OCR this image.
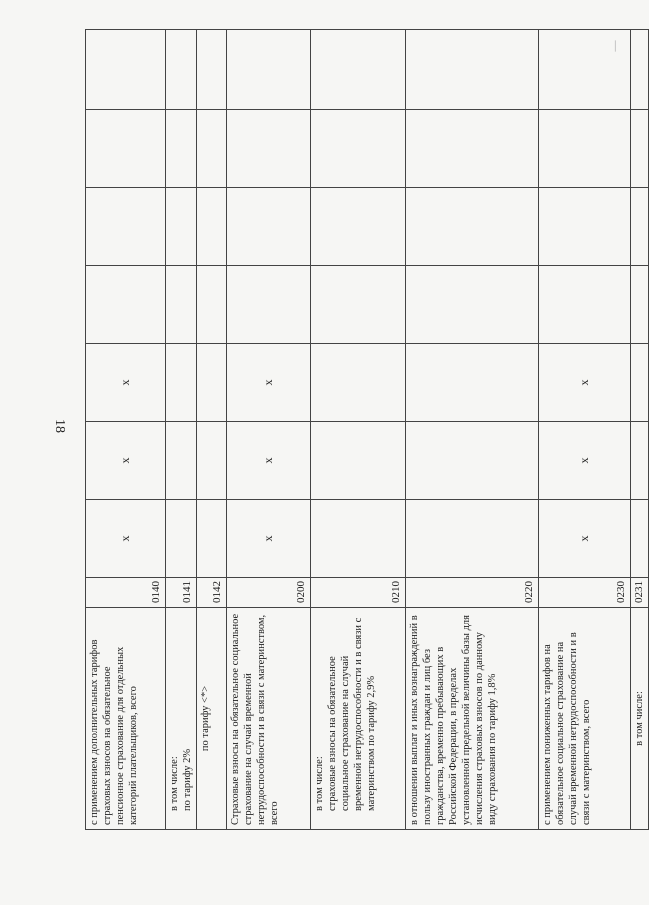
18
—
с применением дополнительных тарифов страховых взносов на обязательное пенсионное страхование для отдельных категорий плательщиков, всего	0140	x	x	x				
в том числе:
по тарифу 2%	0141							
по тарифу <*>	0142							
Страховые взносы на обязательное социальное страхование на случай временной нетрудоспособности и в связи с материнством, всего	0200	x	x	x				
в том числе:
страховые взносы на обязательное социальное страхование на случай временной нетрудоспособности и в связи с материнством по тарифу 2,9%	0210							
в отношении выплат и иных вознаграждений в пользу иностранных граждан и лиц без гражданства, временно пребывающих в Российской Федерации, в пределах установленной предельной величины базы для исчисления страховых взносов по данному виду страхования по тарифу 1,8%	0220							
с применением пониженных тарифов на обязательное социальное страхование на случай временной нетрудоспособности и в связи с материнством, всего	0230	x	x	x				
в том числе:	0231							
